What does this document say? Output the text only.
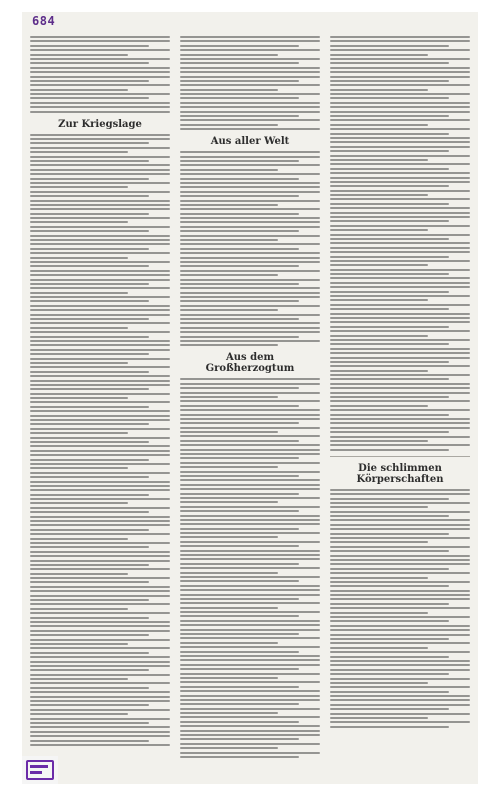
684
Zur Kriegslage
Aus aller Welt
Aus dem Großherzogtum
Die schlimmen Körperschaften
